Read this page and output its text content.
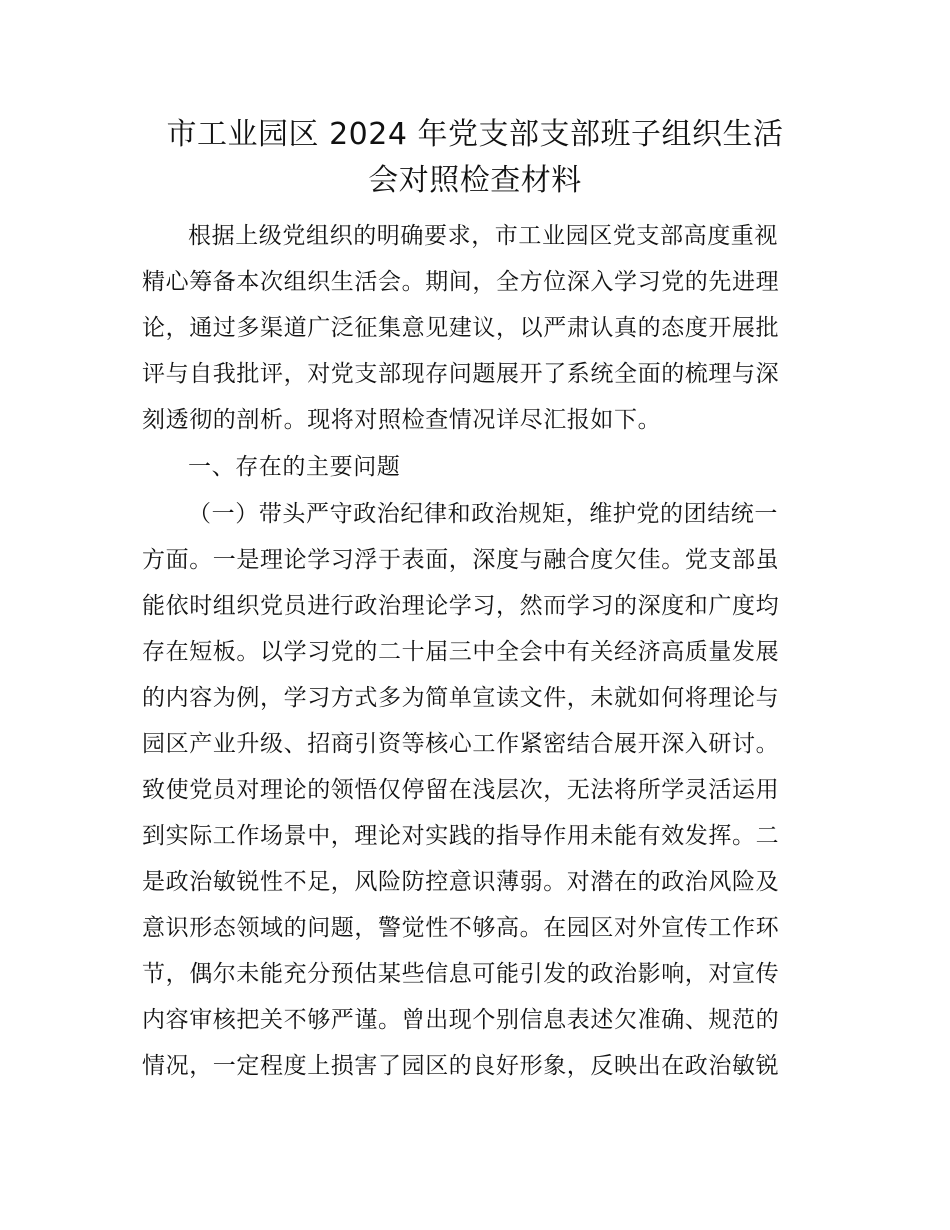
市工业园区 2024 年党支部支部班子组织生活
会对照检查材料
根据上级党组织的明确要求，市工业园区党支部高度重视
精心筹备本次组织生活会。期间，全方位深入学习党的先进理
论，通过多渠道广泛征集意见建议，以严肃认真的态度开展批
评与自我批评，对党支部现存问题展开了系统全面的梳理与深
刻透彻的剖析。现将对照检查情况详尽汇报如下。
一、存在的主要问题
（一）带头严守政治纪律和政治规矩，维护党的团结统一
方面。一是理论学习浮于表面，深度与融合度欠佳。党支部虽
能依时组织党员进行政治理论学习，然而学习的深度和广度均
存在短板。以学习党的二十届三中全会中有关经济高质量发展
的内容为例，学习方式多为简单宣读文件，未就如何将理论与
园区产业升级、招商引资等核心工作紧密结合展开深入研讨。
致使党员对理论的领悟仅停留在浅层次，无法将所学灵活运用
到实际工作场景中，理论对实践的指导作用未能有效发挥。二
是政治敏锐性不足，风险防控意识薄弱。对潜在的政治风险及
意识形态领域的问题，警觉性不够高。在园区对外宣传工作环
节，偶尔未能充分预估某些信息可能引发的政治影响，对宣传
内容审核把关不够严谨。曾出现个别信息表述欠准确、规范的
情况，一定程度上损害了园区的良好形象，反映出在政治敏锐
